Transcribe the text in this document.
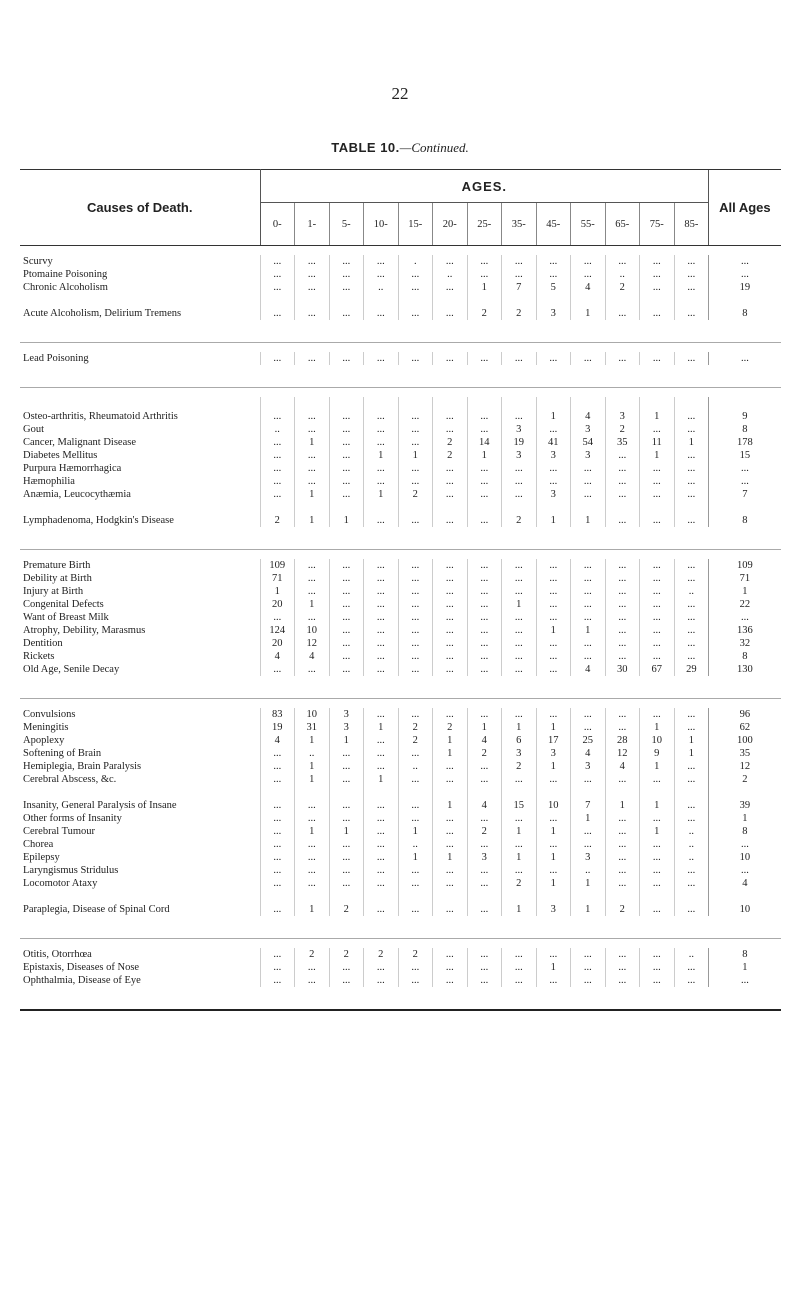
22
TABLE 10.—Continued.
Causes of Death.	AGES.													All Ages
	0-	1-	5-	10-	15-	20-	25-	35-	45-	55-	65-	75-	85-	

Scurvy	...	...	...	...	.	...	...	...	...	...	...	...	...	...
Ptomaine Poisoning	...	...	...	...	...	..	...	...	...	...	..	...	...	...
Chronic Alcoholism	...	...	...	..	...	...	1	7	5	4	2	...	...	19
Acute Alcoholism, Delirium Tremens	...	...	...	...	...	...	2	2	3	1	...	...	...	8

Lead Poisoning	...	...	...	...	...	...	...	...	...	...	...	...	...	...

Osteo-arthritis, Rheumatoid Arthritis	...	...	...	...	...	...	...	...	1	4	3	1	...	9
Gout	..	...	...	...	...	...	...	3	...	3	2	...	...	8
Cancer, Malignant Disease	...	1	...	...	...	2	14	19	41	54	35	11	1	178
Diabetes Mellitus	...	...	...	1	1	2	1	3	3	3	...	1	...	15
Purpura Hæmorrhagica	...	...	...	...	...	...	...	...	...	...	...	...	...	...
Hæmophilia	...	...	...	...	...	...	...	...	...	...	...	...	...	...
Anæmia, Leucocythæmia	...	1	...	1	2	...	...	...	3	...	...	...	...	7
Lymphadenoma, Hodgkin's Disease	2	1	1	...	...	...	...	2	1	1	...	...	...	8

Premature Birth	109	...	...	...	...	...	...	...	...	...	...	...	...	109
Debility at Birth	71	...	...	...	...	...	...	...	...	...	...	...	...	71
Injury at Birth	1	...	...	...	...	...	...	...	...	...	...	...	..	1
Congenital Defects	20	1	...	...	...	...	...	1	...	...	...	...	...	22
Want of Breast Milk	...	...	...	...	...	...	...	...	...	...	...	...	...	...
Atrophy, Debility, Marasmus	124	10	...	...	...	...	...	...	1	1	...	...	...	136
Dentition	20	12	...	...	...	...	...	...	...	...	...	...	...	32
Rickets	4	4	...	...	...	...	...	...	...	...	...	...	...	8
Old Age, Senile Decay	...	...	...	...	...	...	...	...	...	4	30	67	29	130

Convulsions	83	10	3	...	...	...	...	...	...	...	...	...	...	96
Meningitis	19	31	3	1	2	2	1	1	1	...	...	1	...	62
Apoplexy	4	1	1	...	2	1	4	6	17	25	28	10	1	100
Softening of Brain	...	..	...	...	...	1	2	3	3	4	12	9	1	35
Hemiplegia, Brain Paralysis	...	1	...	...	..	...	...	2	1	3	4	1	...	12
Cerebral Abscess, &c.	...	1	...	1	...	...	...	...	...	...	...	...	...	2
Insanity, General Paralysis of Insane	...	...	...	...	...	1	4	15	10	7	1	1	...	39
Other forms of Insanity	...	...	...	...	...	...	...	...	...	1	...	...	...	1
Cerebral Tumour	...	1	1	...	1	...	2	1	1	...	...	1	..	8
Chorea	...	...	...	...	..	...	...	...	...	...	...	...	..	...
Epilepsy	...	...	...	...	1	1	3	1	1	3	...	...	..	10
Laryngismus Stridulus	...	...	...	...	...	...	...	...	...	..	...	...	...	...
Locomotor Ataxy	...	...	...	...	...	...	...	2	1	1	...	...	...	4
Paraplegia, Disease of Spinal Cord	...	1	2	...	...	...	...	1	3	1	2	...	...	10

Otitis, Otorrhœa	...	2	2	2	2	...	...	...	...	...	...	...	..	8
Epistaxis, Diseases of Nose	...	...	...	...	...	...	...	...	1	...	...	...	...	1
Ophthalmia, Disease of Eye	...	...	...	...	...	...	...	...	...	...	...	...	...	...
